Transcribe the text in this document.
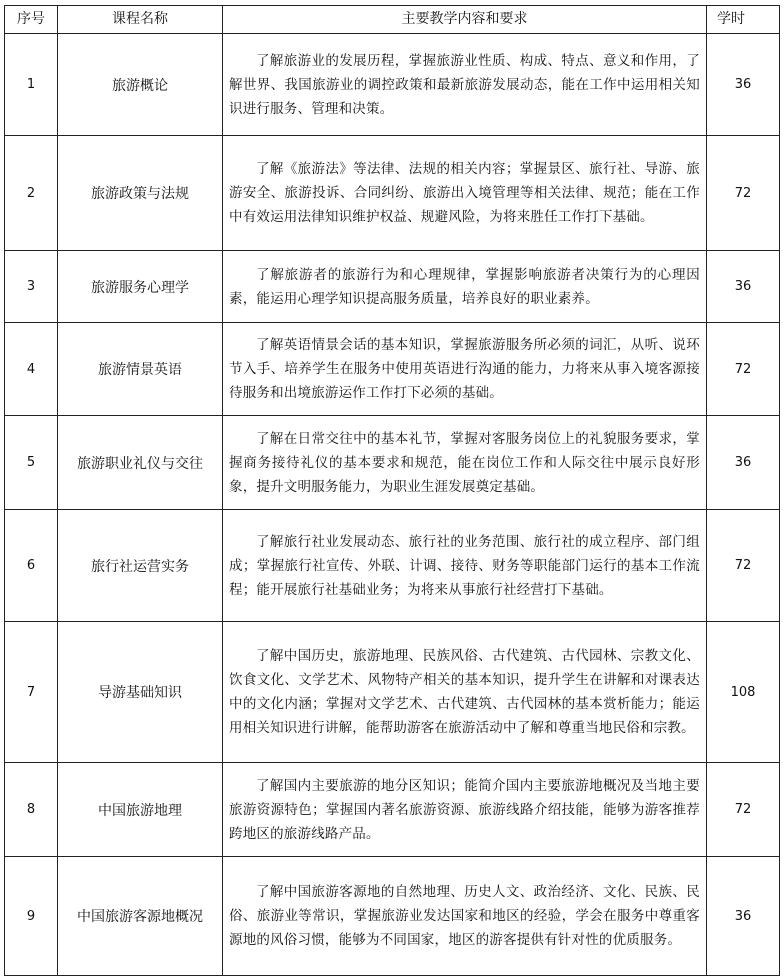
序号	课程名称	主要教学内容和要求	学时
1	旅游概论	了解旅游业的发展历程，掌握旅游业性质、构成、特点、意义和作用，了解世界、我国旅游业的调控政策和最新旅游发展动态，能在工作中运用相关知识进行服务、管理和决策。	36
2	旅游政策与法规	了解《旅游法》等法律、法规的相关内容；掌握景区、旅行社、导游、旅游安全、旅游投诉、合同纠纷、旅游出入境管理等相关法律、规范；能在工作中有效运用法律知识维护权益、规避风险，为将来胜任工作打下基础。	72
3	旅游服务心理学	了解旅游者的旅游行为和心理规律，掌握影响旅游者决策行为的心理因素，能运用心理学知识提高服务质量，培养良好的职业素养。	36
4	旅游情景英语	了解英语情景会话的基本知识，掌握旅游服务所必须的词汇，从听、说环节入手、培养学生在服务中使用英语进行沟通的能力，力将来从事入境客源接待服务和出境旅游运作工作打下必须的基础。	72
5	旅游职业礼仪与交往	了解在日常交往中的基本礼节，掌握对客服务岗位上的礼貌服务要求，掌握商务接待礼仪的基本要求和规范，能在岗位工作和人际交往中展示良好形象，提升文明服务能力，为职业生涯发展奠定基础。	36
6	旅行社运营实务	了解旅行社业发展动态、旅行社的业务范围、旅行社的成立程序、部门组成；掌握旅行社宣传、外联、计调、接待、财务等职能部门运行的基本工作流程；能开展旅行社基础业务；为将来从事旅行社经营打下基础。	72
7	导游基础知识	了解中国历史，旅游地理、民族风俗、古代建筑、古代园林、宗教文化、饮食文化、文学艺术、风物特产相关的基本知识，提升学生在讲解和对课表达中的文化内涵；掌握对文学艺术、古代建筑、古代园林的基本赏析能力；能运用相关知识进行讲解，能帮助游客在旅游活动中了解和尊重当地民俗和宗教。	108
8	中国旅游地理	了解国内主要旅游的地分区知识；能简介国内主要旅游地概况及当地主要旅游资源特色；掌握国内著名旅游资源、旅游线路介绍技能，能够为游客推荐跨地区的旅游线路产品。	72
9	中国旅游客源地概况	了解中国旅游客源地的自然地理、历史人文、政治经济、文化、民族、民俗、旅游业等常识，掌握旅游业发达国家和地区的经验，学会在服务中尊重客源地的风俗习惯，能够为不同国家，地区的游客提供有针对性的优质服务。	36
